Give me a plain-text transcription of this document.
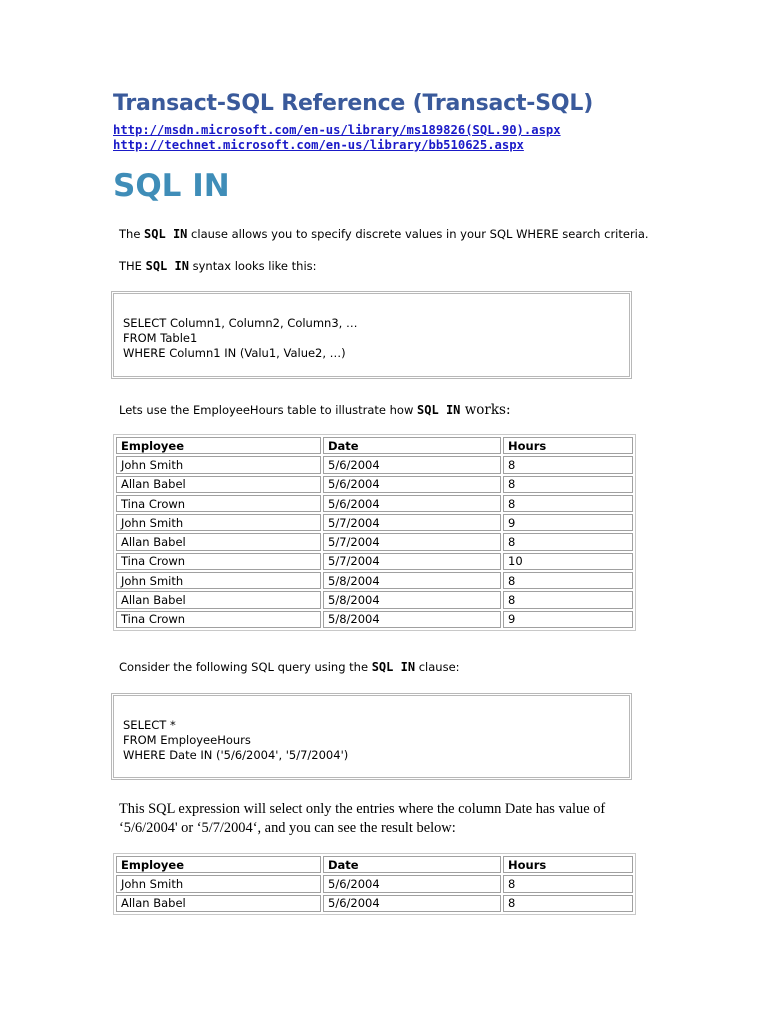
Transact-SQL Reference (Transact-SQL)
http://msdn.microsoft.com/en-us/library/ms189826(SQL.90).aspx
http://technet.microsoft.com/en-us/library/bb510625.aspx
SQL IN

The SQL IN clause allows you to specify discrete values in your SQL WHERE search criteria.

THE SQL IN syntax looks like this:

SELECT Column1, Column2, Column3, …
FROM Table1
WHERE Column1 IN (Valu1, Value2, …)

Lets use the EmployeeHours table to illustrate how SQL IN works:

Employee	Date	Hours
John Smith	5/6/2004	8
Allan Babel	5/6/2004	8
Tina Crown	5/6/2004	8
John Smith	5/7/2004	9
Allan Babel	5/7/2004	8
Tina Crown	5/7/2004	10
John Smith	5/8/2004	8
Allan Babel	5/8/2004	8
Tina Crown	5/8/2004	9

Consider the following SQL query using the SQL IN clause:

SELECT *
FROM EmployeeHours
WHERE Date IN ('5/6/2004', '5/7/2004')

This SQL expression will select only the entries where the column Date has value of ‘5/6/2004' or ‘5/7/2004‘, and you can see the result below:

Employee	Date	Hours
John Smith	5/6/2004	8
Allan Babel	5/6/2004	8
